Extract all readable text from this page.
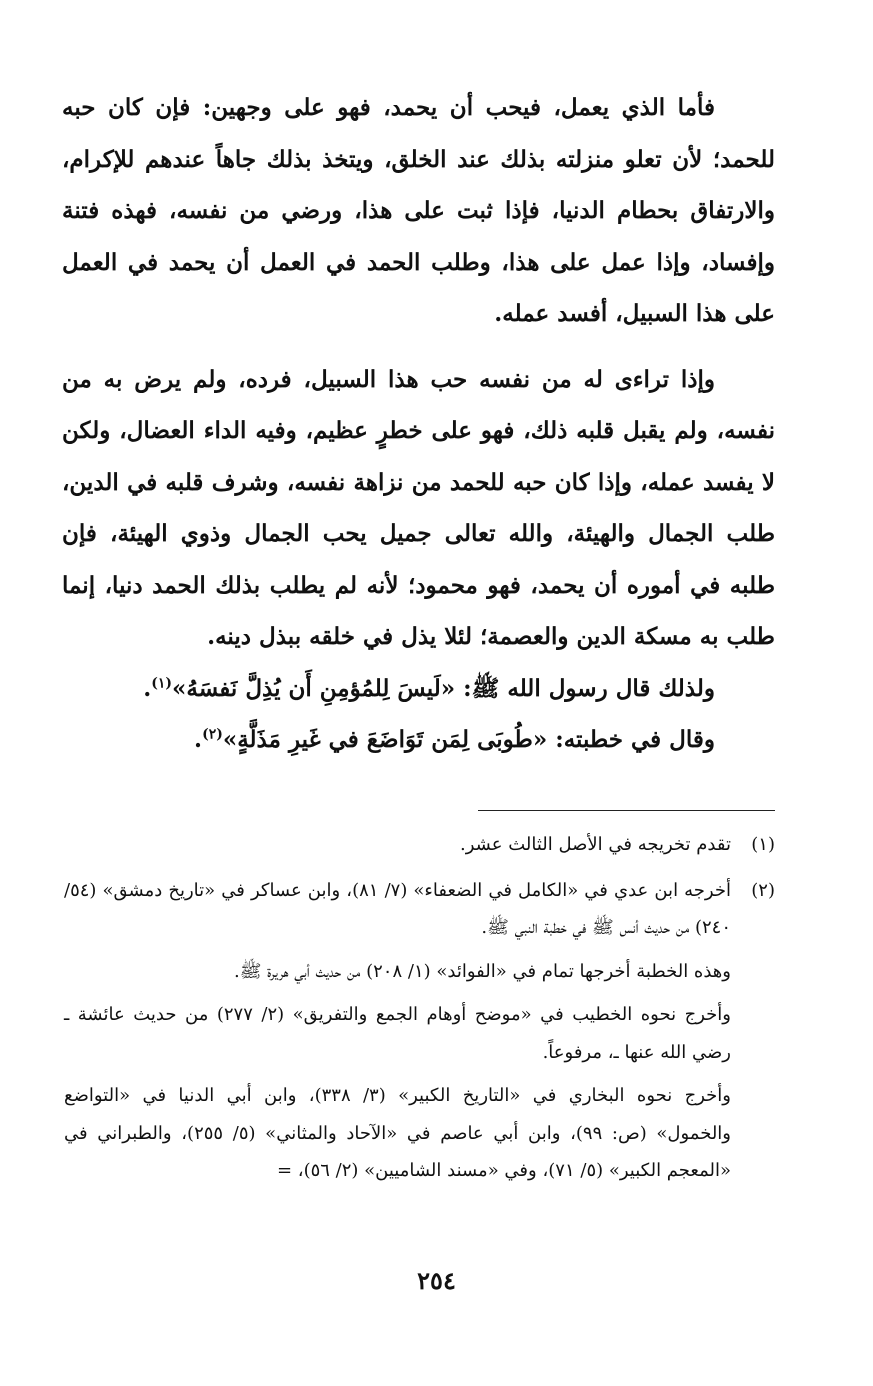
فأما الذي يعمل، فيحب أن يحمد، فهو على وجهين: فإن كان حبه للحمد؛ لأن تعلو منزلته بذلك عند الخلق، ويتخذ بذلك جاهاً عندهم للإكرام، والارتفاق بحطام الدنيا، فإذا ثبت على هذا، ورضي من نفسه، فهذه فتنة وإفساد، وإذا عمل على هذا، وطلب الحمد في العمل أن يحمد في العمل على هذا السبيل، أفسد عمله.

وإذا تراءى له من نفسه حب هذا السبيل، فرده، ولم يرض به من نفسه، ولم يقبل قلبه ذلك، فهو على خطرٍ عظيم، وفيه الداء العضال، ولكن لا يفسد عمله، وإذا كان حبه للحمد من نزاهة نفسه، وشرف قلبه في الدين، طلب الجمال والهيئة، والله تعالى جميل يحب الجمال وذوي الهيئة، فإن طلبه في أموره أن يحمد، فهو محمود؛ لأنه لم يطلب بذلك الحمد دنيا، إنما طلب به مسكة الدين والعصمة؛ لئلا يذل في خلقه ببذل دينه.

ولذلك قال رسول الله ﷺ: «لَيسَ لِلمُؤمِنِ أَن يُذِلَّ نَفسَهُ»$^{(١)}$.

وقال في خطبته: «طُوبَى لِمَن تَوَاضَعَ في غَيرِ مَذَلَّةٍ»$^{(٢)}$.

(١)

تقدم تخريجه في الأصل الثالث عشر.

(٢)

أخرجه ابن عدي في «الكامل في الضعفاء» (٧/ ٨١)، وابن عساكر في «تاريخ دمشق» (٥٤/ ٢٤٠) من حديث أنس ﷺ في خطبة النبي ﷺ.

وهذه الخطبة أخرجها تمام في «الفوائد» (١/ ٢٠٨) من حديث أبي هريرة ﷺ.

وأخرج نحوه الخطيب في «موضح أوهام الجمع والتفريق» (٢/ ٢٧٧) من حديث عائشة ـ رضي الله عنها ـ، مرفوعاً.

وأخرج نحوه البخاري في «التاريخ الكبير» (٣/ ٣٣٨)، وابن أبي الدنيا في «التواضع والخمول» (ص: ٩٩)، وابن أبي عاصم في «الآحاد والمثاني» (٥/ ٢٥٥)، والطبراني في «المعجم الكبير» (٥/ ٧١)، وفي «مسند الشاميين» (٢/ ٥٦)، =

٢٥٤
